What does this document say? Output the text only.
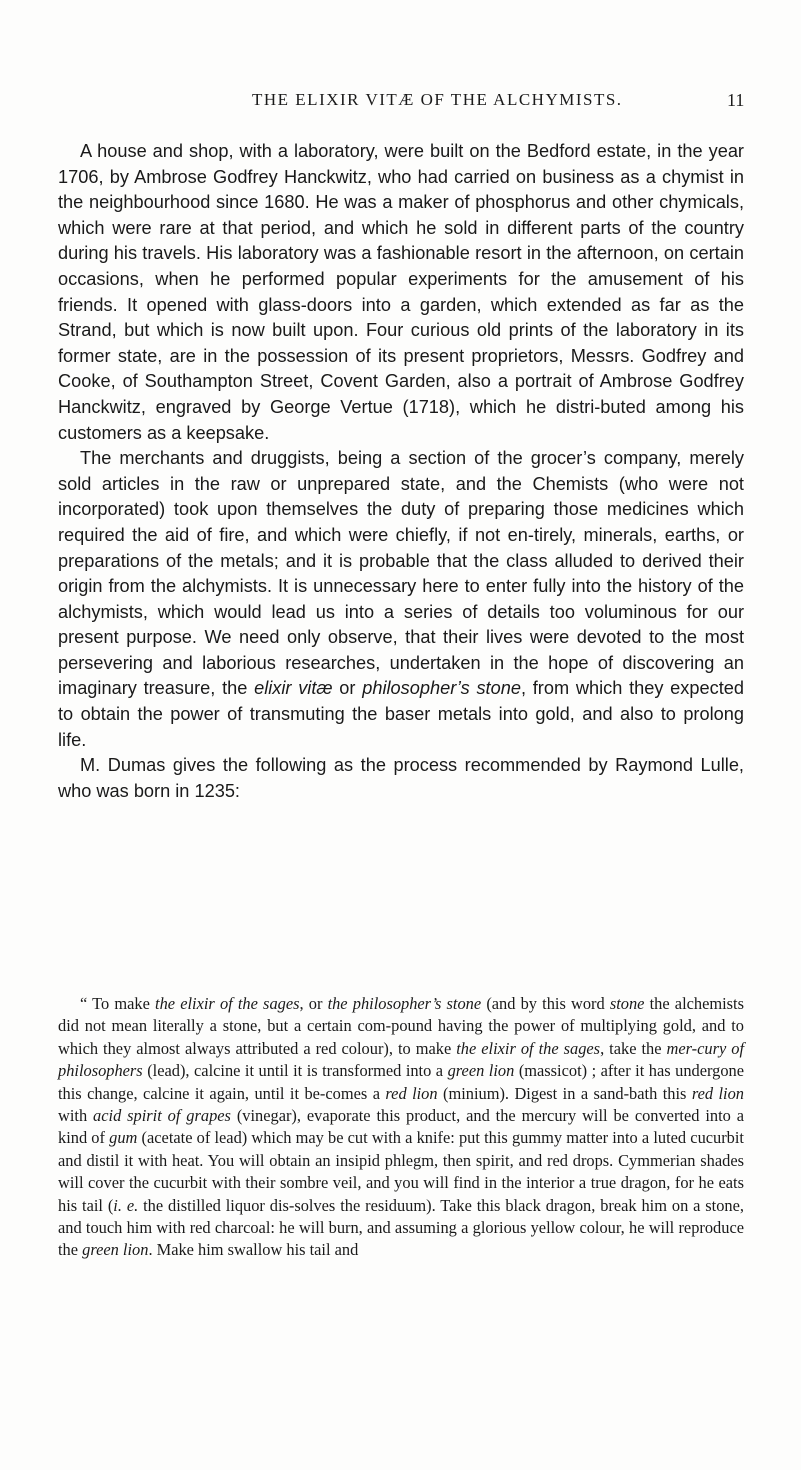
THE ELIXIR VITÆ OF THE ALCHYMISTS.	11

A house and shop, with a laboratory, were built on the Bedford estate, in the year 1706, by Ambrose Godfrey Hanckwitz, who had carried on business as a chymist in the neighbourhood since 1680. He was a maker of phosphorus and other chymicals, which were rare at that period, and which he sold in different parts of the country during his travels. His laboratory was a fashionable resort in the afternoon, on certain occasions, when he performed popular experiments for the amusement of his friends. It opened with glass-doors into a garden, which extended as far as the Strand, but which is now built upon. Four curious old prints of the laboratory in its former state, are in the possession of its present proprietors, Messrs. Godfrey and Cooke, of Southampton Street, Covent Garden, also a portrait of Ambrose Godfrey Hanckwitz, engraved by George Vertue (1718), which he distri-buted among his customers as a keepsake.

The merchants and druggists, being a section of the grocer’s company, merely sold articles in the raw or unprepared state, and the Chemists (who were not incorporated) took upon themselves the duty of preparing those medicines which required the aid of fire, and which were chiefly, if not en-tirely, minerals, earths, or preparations of the metals; and it is probable that the class alluded to derived their origin from the alchymists. It is unnecessary here to enter fully into the history of the alchymists, which would lead us into a series of details too voluminous for our present purpose. We need only observe, that their lives were devoted to the most persevering and laborious researches, undertaken in the hope of discovering an imaginary treasure, the elixir vitæ or philosopher’s stone, from which they expected to obtain the power of transmuting the baser metals into gold, and also to prolong life.

M. Dumas gives the following as the process recommended by Raymond Lulle, who was born in 1235:

“ To make the elixir of the sages, or the philosopher’s stone (and by this word stone the alchemists did not mean literally a stone, but a certain com-pound having the power of multiplying gold, and to which they almost always attributed a red colour), to make the elixir of the sages, take the mer-cury of philosophers (lead), calcine it until it is transformed into a green lion (massicot) ; after it has undergone this change, calcine it again, until it be-comes a red lion (minium). Digest in a sand-bath this red lion with acid spirit of grapes (vinegar), evaporate this product, and the mercury will be converted into a kind of gum (acetate of lead) which may be cut with a knife: put this gummy matter into a luted cucurbit and distil it with heat. You will obtain an insipid phlegm, then spirit, and red drops. Cymmerian shades will cover the cucurbit with their sombre veil, and you will find in the interior a true dragon, for he eats his tail (i. e. the distilled liquor dis-solves the residuum). Take this black dragon, break him on a stone, and touch him with red charcoal: he will burn, and assuming a glorious yellow colour, he will reproduce the green lion. Make him swallow his tail and
